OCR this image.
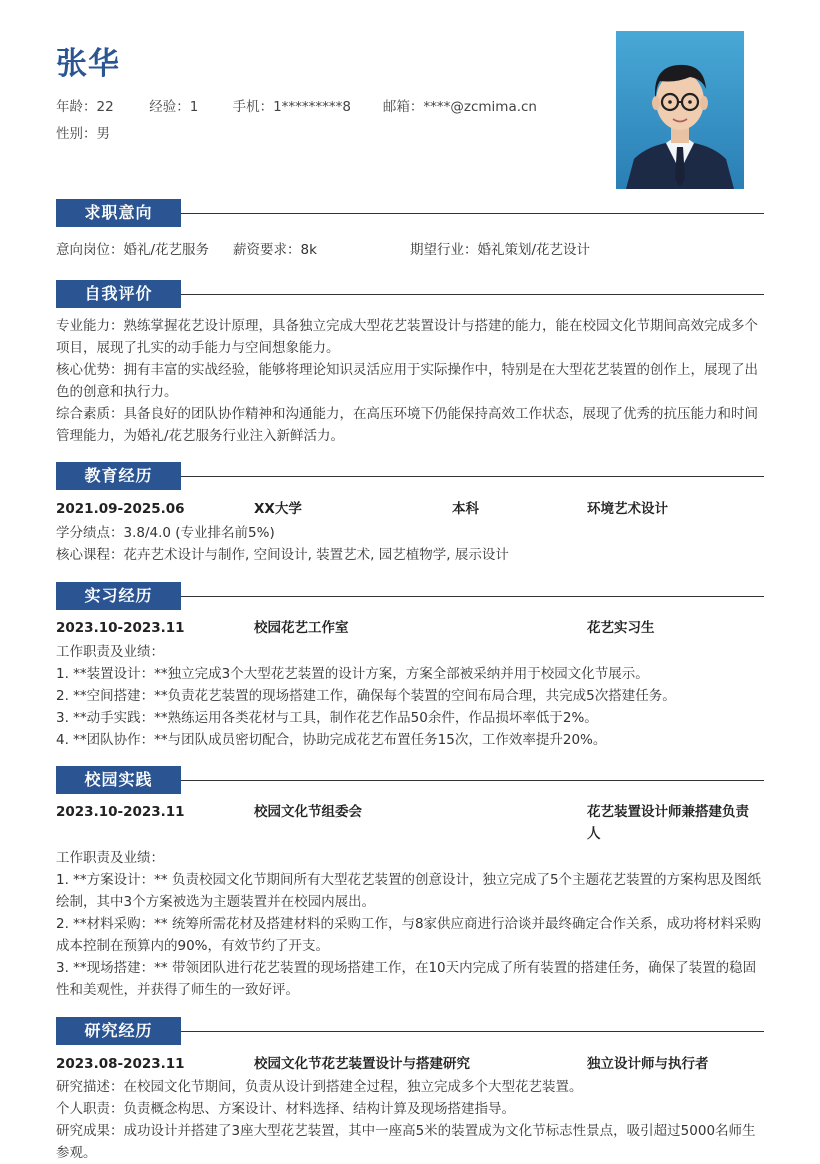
张华
年龄：22	经验：1	手机：1*********8 邮箱：****@zcmima.cn
性别：男
求职意向
意向岗位：婚礼/花艺服务 薪资要求：8k	期望行业：婚礼策划/花艺设计
自我评价

专业能力：熟练掌握花艺设计原理，具备独立完成大型花艺装置设计与搭建的能力，能在校园文化节期间高效完成多个项目，展现了扎实的动手能力与空间想象能力。

核心优势：拥有丰富的实战经验，能够将理论知识灵活应用于实际操作中，特别是在大型花艺装置的创作上，展现了出色的创意和执行力。

综合素质：具备良好的团队协作精神和沟通能力，在高压环境下仍能保持高效工作状态，展现了优秀的抗压能力和时间管理能力，为婚礼/花艺服务行业注入新鲜活力。

教育经历
2021.09-2025.06	XX大学	本科	环境艺术设计

学分绩点：3.8/4.0 (专业排名前5%)

核心课程：花卉艺术设计与制作, 空间设计, 装置艺术, 园艺植物学, 展示设计

实习经历
2023.10-2023.11	校园花艺工作室	花艺实习生

工作职责及业绩：

1. **装置设计：**独立完成3个大型花艺装置的设计方案，方案全部被采纳并用于校园文化节展示。

2. **空间搭建：**负责花艺装置的现场搭建工作，确保每个装置的空间布局合理，共完成5次搭建任务。

3. **动手实践：**熟练运用各类花材与工具，制作花艺作品50余件，作品损坏率低于2%。

4. **团队协作：**与团队成员密切配合，协助完成花艺布置任务15次，工作效率提升20%。

校园实践
2023.10-2023.11	校园文化节组委会	花艺装置设计师兼搭建负责人

工作职责及业绩：

1. **方案设计：** 负责校园文化节期间所有大型花艺装置的创意设计，独立完成了5个主题花艺装置的方案构思及图纸绘制，其中3个方案被选为主题装置并在校园内展出。

2. **材料采购：** 统筹所需花材及搭建材料的采购工作，与8家供应商进行洽谈并最终确定合作关系，成功将材料采购成本控制在预算内的90%，有效节约了开支。

3. **现场搭建：** 带领团队进行花艺装置的现场搭建工作，在10天内完成了所有装置的搭建任务，确保了装置的稳固性和美观性，并获得了师生的一致好评。

研究经历
2023.08-2023.11	校园文化节花艺装置设计与搭建研究	独立设计师与执行者

研究描述：在校园文化节期间，负责从设计到搭建全过程，独立完成多个大型花艺装置。

个人职责：负责概念构思、方案设计、材料选择、结构计算及现场搭建指导。

研究成果：成功设计并搭建了3座大型花艺装置，其中一座高5米的装置成为文化节标志性景点，吸引超过5000名师生参观。
